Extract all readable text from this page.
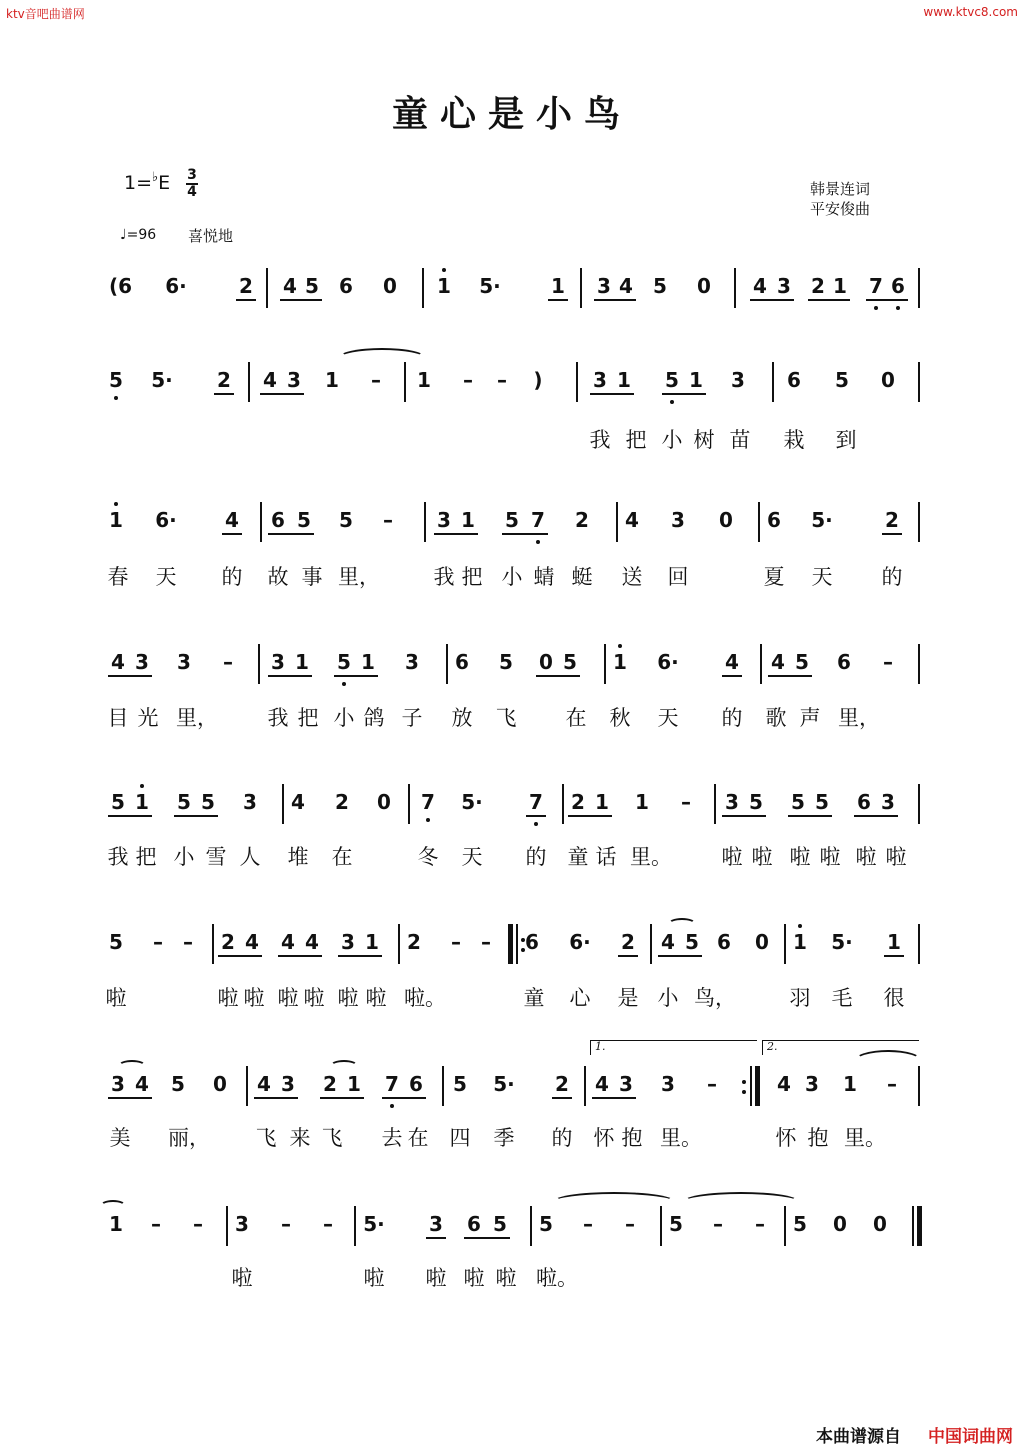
ktv音吧曲谱网	www.ktvc8.com
童心是小鸟
1=♭E 3
4
♩=96 喜悦地
韩景连词
平安俊曲
(6 6·	2 4 5 6 0 1 5·	1 3 4 5 0 4 3 2 1 7 6
5 5· 2 4 3 1	–	1	–	–	)	3 1 5 1 3 6 5 0
1 6· 4 6 5 5	–	3 1 5 7 2 4 3 0 6 5·	2
4 3 3	–	3 1 5 1 3 6 5 0 5 1 6· 4 4 5 6	–
5 1 5 5 3 4 2 0 7 5· 7 2 1 1	–	3 5 5 5 6 3
5	–	–	2 4 4 4 3 1 2	–	–	6 6· 2 4 5 6 0 1 5· 1
3 4 5 0 4 3 2 1 7 6 5 5· 2 4 3 3	–	4 3 1	–
1.	2.
1	–	–	3	–	–	5· 3 6 5 5	–	–	5	–	–	5 0 0
我 把 小 树 苗 栽 到
春 天 的 故 事 里，	我 把 小 蜻 蜓 送 回	夏 天 的
目 光 里， 我 把 小 鸽 子 放 飞 在 秋 天 的 歌 声 里，
我 把 小 雪 人 堆 在	冬 天 的 童 话 里。 啦 啦 啦 啦 啦 啦
啦	啦 啦 啦 啦 啦 啦 啦。	童 心 是 小 鸟，	羽 毛 很
美 丽， 飞 来 飞 去 在 四 季 的 怀 抱 里。	怀 抱 里。
啦	啦 啦 啦 啦 啦。
本曲谱源自 中国词曲网
